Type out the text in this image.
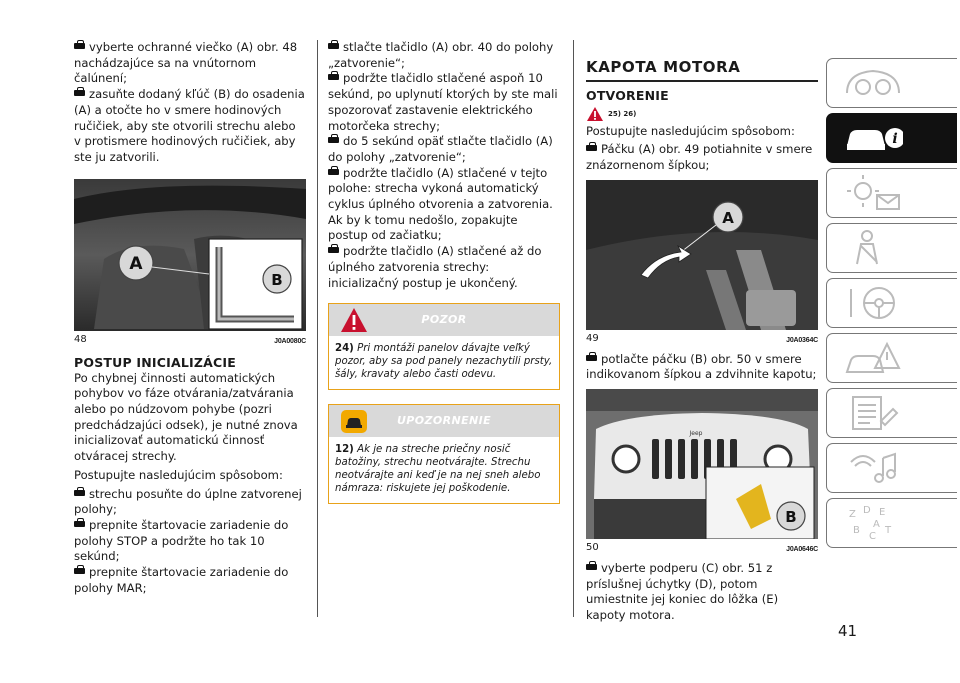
vyberte ochranné viečko (A) obr. 48 nachádzajúce sa na vnútornom čalúnení;

zasuňte dodaný kľúč (B) do osadenia (A) a otočte ho v smere hodinových ručičiek, aby ste otvorili strechu alebo v protismere hodinových ručičiek, aby ste ju zatvorili.

A
B
48	J0A0080C
POSTUP INICIALIZÁCIE

Po chybnej činnosti automatických pohybov vo fáze otvárania/zatvárania alebo po núdzovom pohybe (pozri predchádzajúci odsek), je nutné znova inicializovať automatickú činnosť otváracej strechy.

Postupujte nasledujúcim spôsobom:

strechu posuňte do úplne zatvorenej polohy;

prepnite štartovacie zariadenie do polohy STOP a podržte ho tak 10 sekúnd;

prepnite štartovacie zariadenie do polohy MAR;

stlačte tlačidlo (A) obr. 40 do polohy „zatvorenie“;

podržte tlačidlo stlačené aspoň 10 sekúnd, po uplynutí ktorých by ste mali spozorovať zastavenie elektrického motorčeka strechy;

do 5 sekúnd opäť stlačte tlačidlo (A) do polohy „zatvorenie“;

podržte tlačidlo (A) stlačené v tejto polohe: strecha vykoná automatický cyklus úplného otvorenia a zatvorenia. Ak by k tomu nedošlo, zopakujte postup od začiatku;

podržte tlačidlo (A) stlačené až do úplného zatvorenia strechy: inicializačný postup je ukončený.

POZOR
24) Pri montáži panelov dávajte veľký pozor, aby sa pod panely nezachytili prsty, šály, kravaty alebo časti odevu.
UPOZORNENIE
12) Ak je na streche priečny nosič batožiny, strechu neotvárajte. Strechu neotvárajte ani keď je na nej sneh alebo námraza: riskujete jej poškodenie.
KAPOTA MOTORA
OTVORENIE
25) 26)

Postupujte nasledujúcim spôsobom:

Páčku (A) obr. 49 potiahnite v smere znázornenom šípkou;

A
49	J0A0364C

potlačte páčku (B) obr. 50 v smere indikovanom šípkou a zdvihnite kapotu;

Jeep
B
50	J0A0646C

vyberte podperu (C) obr. 51 z príslušnej úchytky (D), potom umiestnite jej koniec do lôžka (E) kapoty motora.

i
Z D E
B
C
T
A
41
